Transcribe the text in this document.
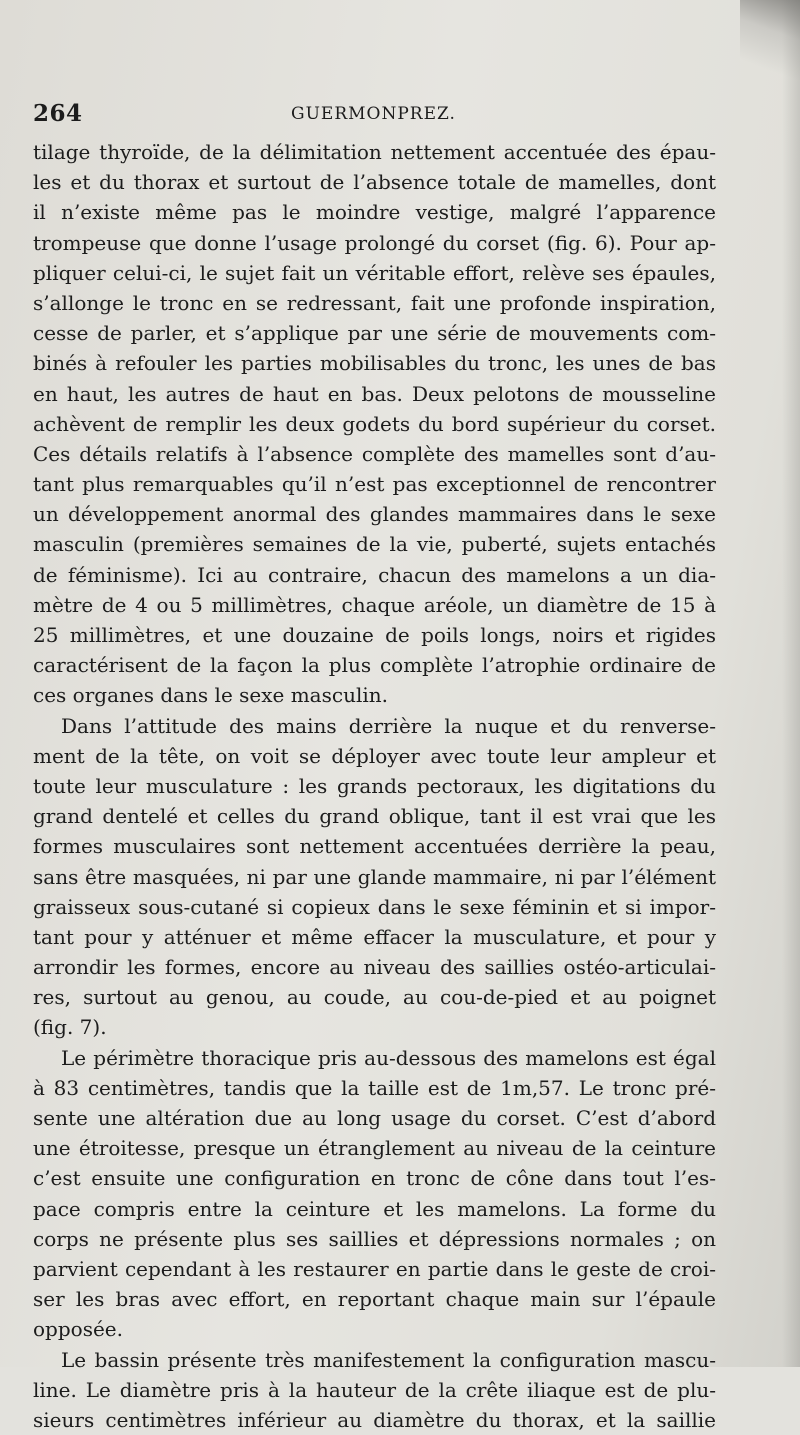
264	GUERMONPREZ.
tilage thyroïde, de la délimitation nettement accentuée des épau-
les et du thorax et surtout de l’absence totale de mamelles, dont
il n’existe même pas le moindre vestige, malgré l’apparence
trompeuse que donne l’usage prolongé du corset (fig. 6). Pour ap-
pliquer celui-ci, le sujet fait un véritable effort, relève ses épaules,
s’allonge le tronc en se redressant, fait une profonde inspiration,
cesse de parler, et s’applique par une série de mouvements com-
binés à refouler les parties mobilisables du tronc, les unes de bas
en haut, les autres de haut en bas. Deux pelotons de mousseline
achèvent de remplir les deux godets du bord supérieur du corset.
Ces détails relatifs à l’absence complète des mamelles sont d’au-
tant plus remarquables qu’il n’est pas exceptionnel de rencontrer
un développement anormal des glandes mammaires dans le sexe
masculin (premières semaines de la vie, puberté, sujets entachés
de féminisme). Ici au contraire, chacun des mamelons a un dia-
mètre de 4 ou 5 millimètres, chaque aréole, un diamètre de 15 à
25 millimètres, et une douzaine de poils longs, noirs et rigides
caractérisent de la façon la plus complète l’atrophie ordinaire de
ces organes dans le sexe masculin.
Dans l’attitude des mains derrière la nuque et du renverse-
ment de la tête, on voit se déployer avec toute leur ampleur et
toute leur musculature : les grands pectoraux, les digitations du
grand dentelé et celles du grand oblique, tant il est vrai que les
formes musculaires sont nettement accentuées derrière la peau,
sans être masquées, ni par une glande mammaire, ni par l’élément
graisseux sous-cutané si copieux dans le sexe féminin et si impor-
tant pour y atténuer et même effacer la musculature, et pour y
arrondir les formes, encore au niveau des saillies ostéo-articulai-
res, surtout au genou, au coude, au cou-de-pied et au poignet
(fig. 7).
Le périmètre thoracique pris au-dessous des mamelons est égal
à 83 centimètres, tandis que la taille est de 1m,57. Le tronc pré-
sente une altération due au long usage du corset. C’est d’abord
une étroitesse, presque un étranglement au niveau de la ceinture
c’est ensuite une configuration en tronc de cône dans tout l’es-
pace compris entre la ceinture et les mamelons. La forme du
corps ne présente plus ses saillies et dépressions normales ; on
parvient cependant à les restaurer en partie dans le geste de croi-
ser les bras avec effort, en reportant chaque main sur l’épaule
opposée.
Le bassin présente très manifestement la configuration mascu-
line. Le diamètre pris à la hauteur de la crête iliaque est de plu-
sieurs centimètres inférieur au diamètre du thorax, et la saillie
